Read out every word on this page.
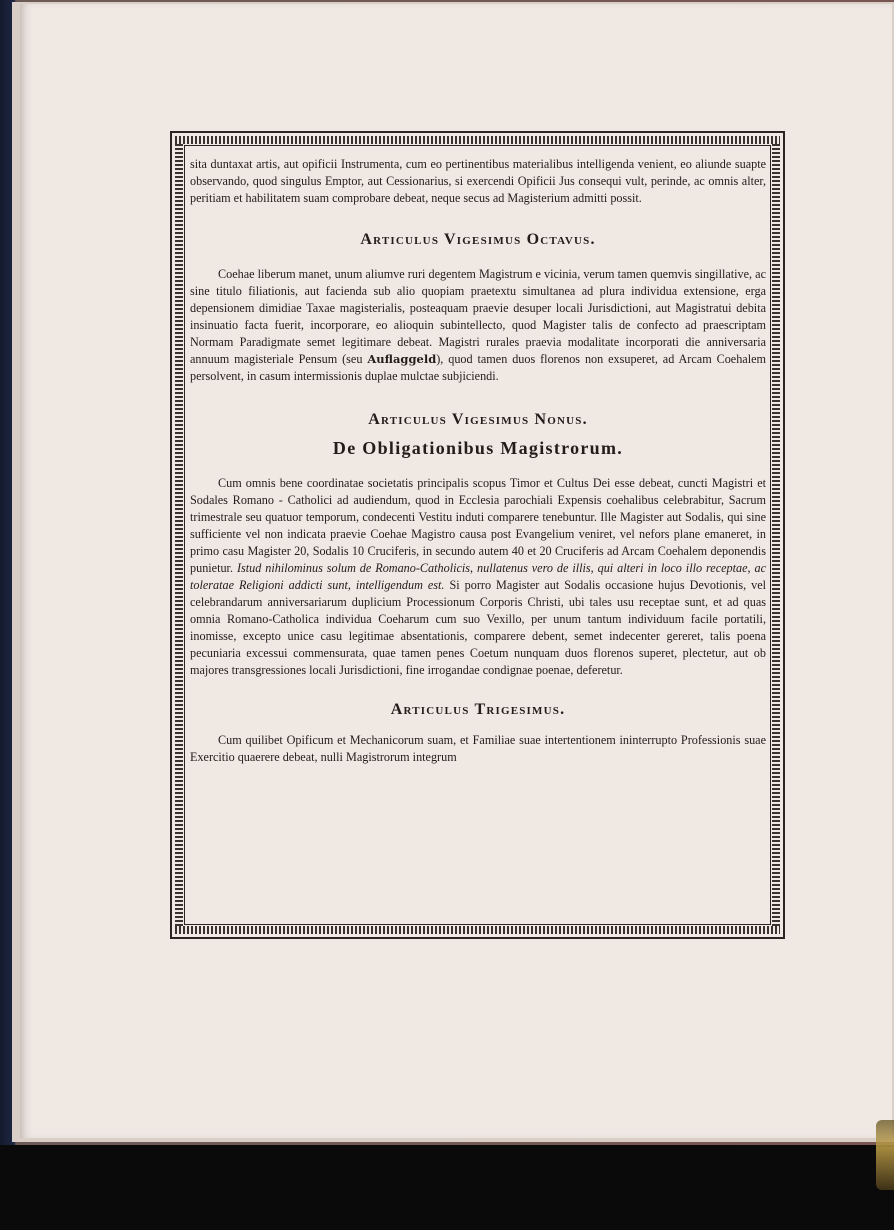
sita duntaxat artis, aut opificii Instrumenta, cum eo pertinentibus materialibus intelligenda venient, eo aliunde suapte observando, quod singulus Emptor, aut Cessionarius, si exercendi Opificii Jus consequi vult, perinde, ac omnis alter, peritiam et habilitatem suam comprobare debeat, neque secus ad Magisterium admitti possit.

Articulus Vigesimus Octavus.

Coehae liberum manet, unum aliumve ruri degentem Magistrum e vicinia, verum tamen quemvis singillative, ac sine titulo filiationis, aut facienda sub alio quopiam praetextu simultanea ad plura individua extensione, erga depensionem dimidiae Taxae magisterialis, posteaquam praevie desuper locali Jurisdictioni, aut Magistratui debita insinuatio facta fuerit, incorporare, eo alioquin subintellecto, quod Magister talis de confecto ad praescriptam Normam Paradigmate semet legitimare debeat. Magistri rurales praevia modalitate incorporati die anniversaria annuum magisteriale Pensum (seu Auflaggeld), quod tamen duos florenos non exsuperet, ad Arcam Coehalem persolvent, in casum intermissionis duplae mulctae subjiciendi.

Articulus Vigesimus Nonus.
De Obligationibus Magistrorum.

Cum omnis bene coordinatae societatis principalis scopus Timor et Cultus Dei esse debeat, cuncti Magistri et Sodales Romano - Catholici ad audiendum, quod in Ecclesia parochiali Expensis coehalibus celebrabitur, Sacrum trimestrale seu quatuor temporum, condecenti Vestitu induti comparere tenebuntur. Ille Magister aut Sodalis, qui sine sufficiente vel non indicata praevie Coehae Magistro causa post Evangelium veniret, vel nefors plane emaneret, in primo casu Magister 20, Sodalis 10 Cruciferis, in secundo autem 40 et 20 Cruciferis ad Arcam Coehalem deponendis punietur. Istud nihilominus solum de Romano-Catholicis, nullatenus vero de illis, qui alteri in loco illo receptae, ac toleratae Religioni addicti sunt, intelligendum est. Si porro Magister aut Sodalis occasione hujus Devotionis, vel celebrandarum anniversariarum duplicium Processionum Corporis Christi, ubi tales usu receptae sunt, et ad quas omnia Romano-Catholica individua Coeharum cum suo Vexillo, per unum tantum individuum facile portatili, inomisse, excepto unice casu legitimae absentationis, comparere debent, semet indecenter gereret, talis poena pecuniaria excessui commensurata, quae tamen penes Coetum nunquam duos florenos superet, plectetur, aut ob majores transgressiones locali Jurisdictioni, fine irrogandae condignae poenae, deferetur.

Articulus Trigesimus.

Cum quilibet Opificum et Mechanicorum suam, et Familiae suae intertentionem ininterrupto Professionis suae Exercitio quaerere debeat, nulli Magistrorum integrum
